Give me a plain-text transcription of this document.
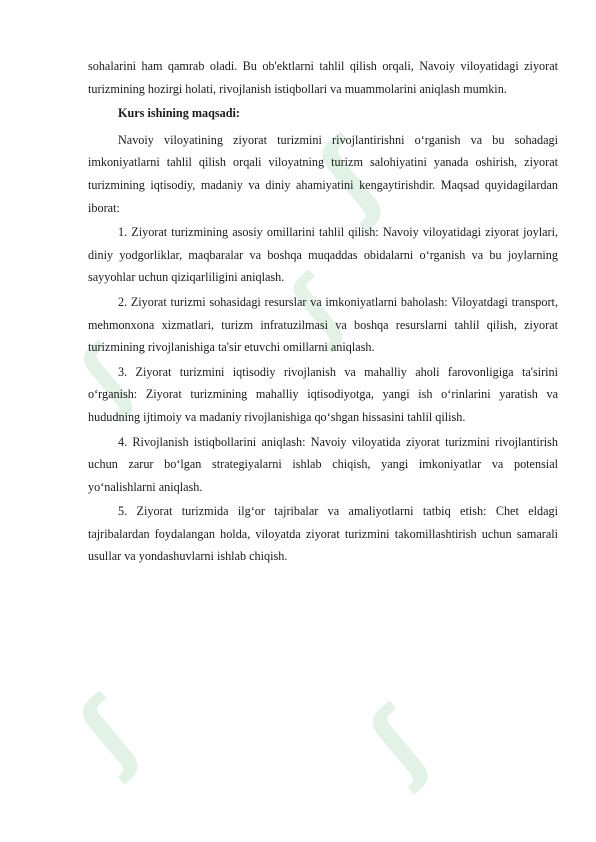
ʃ
ʃ
ʃ
ʃ ʃ

sohalarini ham qamrab oladi. Bu ob'ektlarni tahlil qilish orqali, Navoiy viloyatidagi ziyorat turizmining hozirgi holati, rivojlanish istiqbollari va muammolarini aniqlash mumkin.

Kurs ishining maqsadi:

Navoiy viloyatining ziyorat turizmini rivojlantirishni o‘rganish va bu sohadagi imkoniyatlarni tahlil qilish orqali viloyatning turizm salohiyatini yanada oshirish, ziyorat turizmining iqtisodiy, madaniy va diniy ahamiyatini kengaytirishdir. Maqsad quyidagilardan iborat:

1. Ziyorat turizmining asosiy omillarini tahlil qilish: Navoiy viloyatidagi ziyorat joylari, diniy yodgorliklar, maqbaralar va boshqa muqaddas obidalarni o‘rganish va bu joylarning sayyohlar uchun qiziqarliligini aniqlash.

2. Ziyorat turizmi sohasidagi resurslar va imkoniyatlarni baholash: Viloyatdagi transport, mehmonxona xizmatlari, turizm infratuzilmasi va boshqa resurslarni tahlil qilish, ziyorat turizmining rivojlanishiga ta'sir etuvchi omillarni aniqlash.

3. Ziyorat turizmini iqtisodiy rivojlanish va mahalliy aholi farovonligiga ta'sirini o‘rganish: Ziyorat turizmining mahalliy iqtisodiyotga, yangi ish o‘rinlarini yaratish va hududning ijtimoiy va madaniy rivojlanishiga qo‘shgan hissasini tahlil qilish.

4. Rivojlanish istiqbollarini aniqlash: Navoiy viloyatida ziyorat turizmini rivojlantirish uchun zarur bo‘lgan strategiyalarni ishlab chiqish, yangi imkoniyatlar va potensial yo‘nalishlarni aniqlash.

5. Ziyorat turizmida ilg‘or tajribalar va amaliyotlarni tatbiq etish: Chet eldagi tajribalardan foydalangan holda, viloyatda ziyorat turizmini takomillashtirish uchun samarali usullar va yondashuvlarni ishlab chiqish.
